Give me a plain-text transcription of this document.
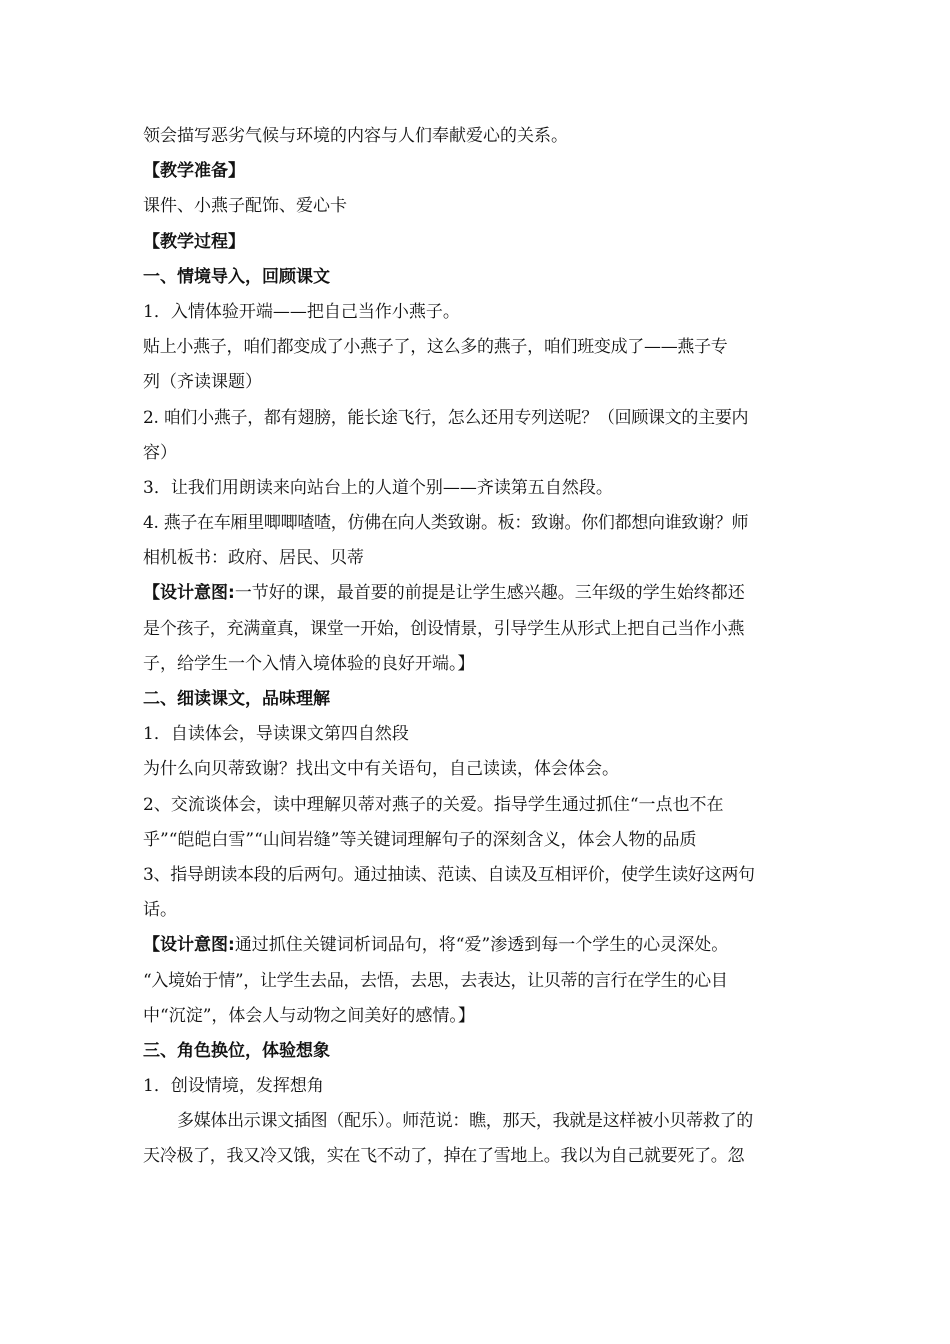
领会描写恶劣气候与环境的内容与人们奉献爱心的关系。
【教学准备】
课件、小燕子配饰、爱心卡
【教学过程】
一、情境导入，回顾课文
1．入情体验开端——把自己当作小燕子。
贴上小燕子，咱们都变成了小燕子了，这么多的燕子，咱们班变成了——燕子专
列（齐读课题）
2. 咱们小燕子，都有翅膀，能长途飞行，怎么还用专列送呢？（回顾课文的主要内
容）
3．让我们用朗读来向站台上的人道个别——齐读第五自然段。
4. 燕子在车厢里唧唧喳喳，仿佛在向人类致谢。板：致谢。你们都想向谁致谢？师
相机板书：政府、居民、贝蒂
【设计意图:一节好的课，最首要的前提是让学生感兴趣。三年级的学生始终都还
是个孩子，充满童真，课堂一开始，创设情景，引导学生从形式上把自己当作小燕
子，给学生一个入情入境体验的良好开端。】
二、细读课文，品味理解
1．自读体会，导读课文第四自然段
为什么向贝蒂致谢？找出文中有关语句，自己读读，体会体会。
2、交流谈体会，读中理解贝蒂对燕子的关爱。指导学生通过抓住“一点也不在
乎”“皑皑白雪”“山间岩缝”等关键词理解句子的深刻含义，体会人物的品质
3、指导朗读本段的后两句。通过抽读、范读、自读及互相评价，使学生读好这两句
话。
【设计意图:通过抓住关键词析词品句，将“爱”渗透到每一个学生的心灵深处。
“入境始于情”，让学生去品，去悟，去思，去表达，让贝蒂的言行在学生的心目
中“沉淀”，体会人与动物之间美好的感情。】
三、角色换位，体验想象
1．创设情境，发挥想角
多媒体出示课文插图（配乐）。师范说：瞧，那天，我就是这样被小贝蒂救了的
天冷极了，我又冷又饿，实在飞不动了，掉在了雪地上。我以为自己就要死了。忽
